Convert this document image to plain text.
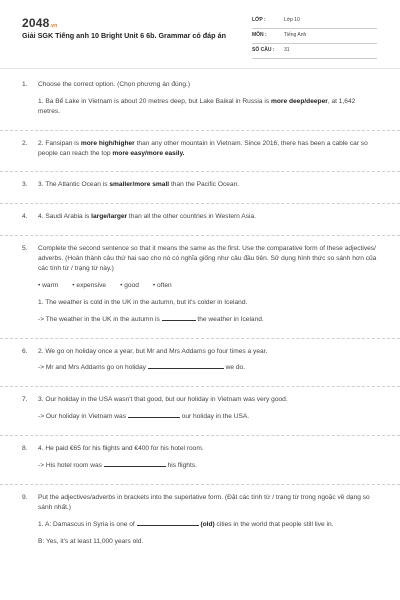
2048.vn
Giải SGK Tiếng anh 10 Bright Unit 6 6b. Grammar có đáp án
LỚP :	Lớp 10
MÔN :	Tiếng Anh
SỐ CÂU : 31
1. Choose the correct option. (Chọn phương án đúng.)

1. Ba Bể Lake in Vietnam is about 20 metres deep, but Lake Baikal in Russia is more deep/deeper, at 1,642 metres.

2. 2. Fansipan is more high/higher than any other mountain in Vietnam. Since 2016, there has been a cable car so people can reach the top more easy/more easily.

3. 3. The Atlantic Ocean is smaller/more small than the Pacific Ocean.

4. 4. Saudi Arabia is large/larger than all the other countries in Western Asia.

5. Complete the second sentence so that it means the same as the first. Use the comparative form of these adjectives/ adverbs. (Hoàn thành câu thứ hai sao cho nó có nghĩa giống như câu đầu tiên. Sử dụng hình thức so sánh hơn của các tính từ / trạng từ này.)

• warm • expensive • good • often

1. The weather is cold in the UK in the autumn, but it's colder in Iceland.

-> The weather in the UK in the autumn is	the weather in Iceland.

6. 2. We go on holiday once a year, but Mr and Mrs Addams go four times a year.

-> Mr and Mrs Addams go on holiday	we do.

7. 3. Our holiday in the USA wasn't that good, but our holiday in Vietnam was very good.

-> Our holiday in Vietnam was	our holiday in the USA.

8. 4. He paid €65 for his flights and €400 for his hotel room.

-> His hotel room was	his flights.

9. Put the adjectives/adverbs in brackets into the superlative form. (Đặt các tính từ / trạng từ trong ngoặc về dạng so sánh nhất.)

1. A: Damascus in Syria is one of	(old) cities in the world that people still live in.

B: Yes, it's at least 11,000 years old.
